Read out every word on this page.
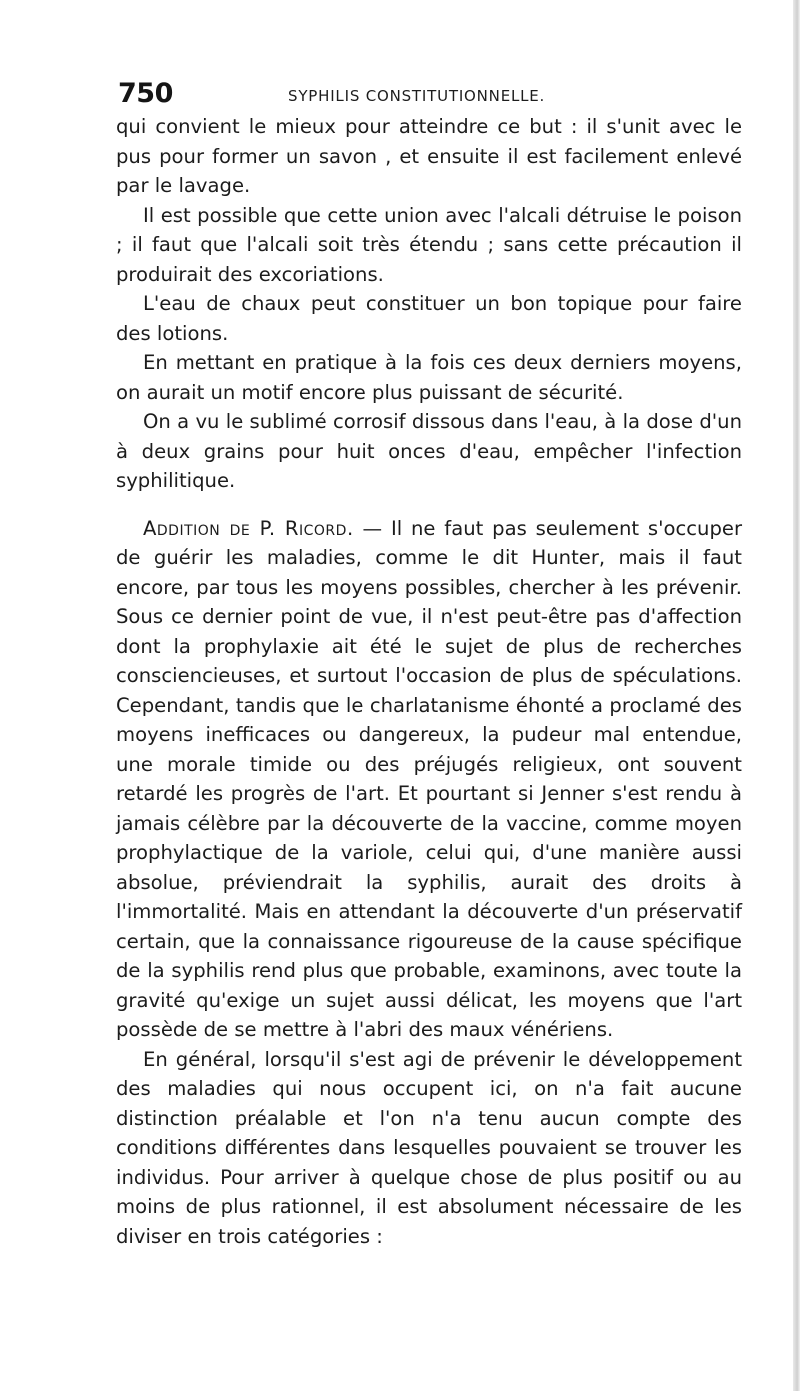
750	SYPHILIS CONSTITUTIONNELLE.

qui convient le mieux pour atteindre ce but : il s'unit avec le pus pour former un savon , et ensuite il est facilement enlevé par le lavage.

Il est possible que cette union avec l'alcali détruise le poison ; il faut que l'alcali soit très étendu ; sans cette précaution il produirait des excoriations.

L'eau de chaux peut constituer un bon topique pour faire des lotions.

En mettant en pratique à la fois ces deux derniers moyens, on aurait un motif encore plus puissant de sécurité.

On a vu le sublimé corrosif dissous dans l'eau, à la dose d'un à deux grains pour huit onces d'eau, empêcher l'infection syphilitique.

Addition de P. Ricord. — Il ne faut pas seulement s'occuper de guérir les maladies, comme le dit Hunter, mais il faut encore, par tous les moyens possibles, chercher à les prévenir. Sous ce dernier point de vue, il n'est peut-être pas d'affection dont la prophylaxie ait été le sujet de plus de recherches consciencieuses, et surtout l'occasion de plus de spéculations. Cependant, tandis que le charlatanisme éhonté a proclamé des moyens inefficaces ou dangereux, la pudeur mal entendue, une morale timide ou des préjugés religieux, ont souvent retardé les progrès de l'art. Et pourtant si Jenner s'est rendu à jamais célèbre par la découverte de la vaccine, comme moyen prophylactique de la variole, celui qui, d'une manière aussi absolue, préviendrait la syphilis, aurait des droits à l'immortalité. Mais en attendant la découverte d'un préservatif certain, que la connaissance rigoureuse de la cause spécifique de la syphilis rend plus que probable, examinons, avec toute la gravité qu'exige un sujet aussi délicat, les moyens que l'art possède de se mettre à l'abri des maux vénériens.

En général, lorsqu'il s'est agi de prévenir le développement des maladies qui nous occupent ici, on n'a fait aucune distinction préalable et l'on n'a tenu aucun compte des conditions différentes dans lesquelles pouvaient se trouver les individus. Pour arriver à quelque chose de plus positif ou au moins de plus rationnel, il est absolument nécessaire de les diviser en trois catégories :
